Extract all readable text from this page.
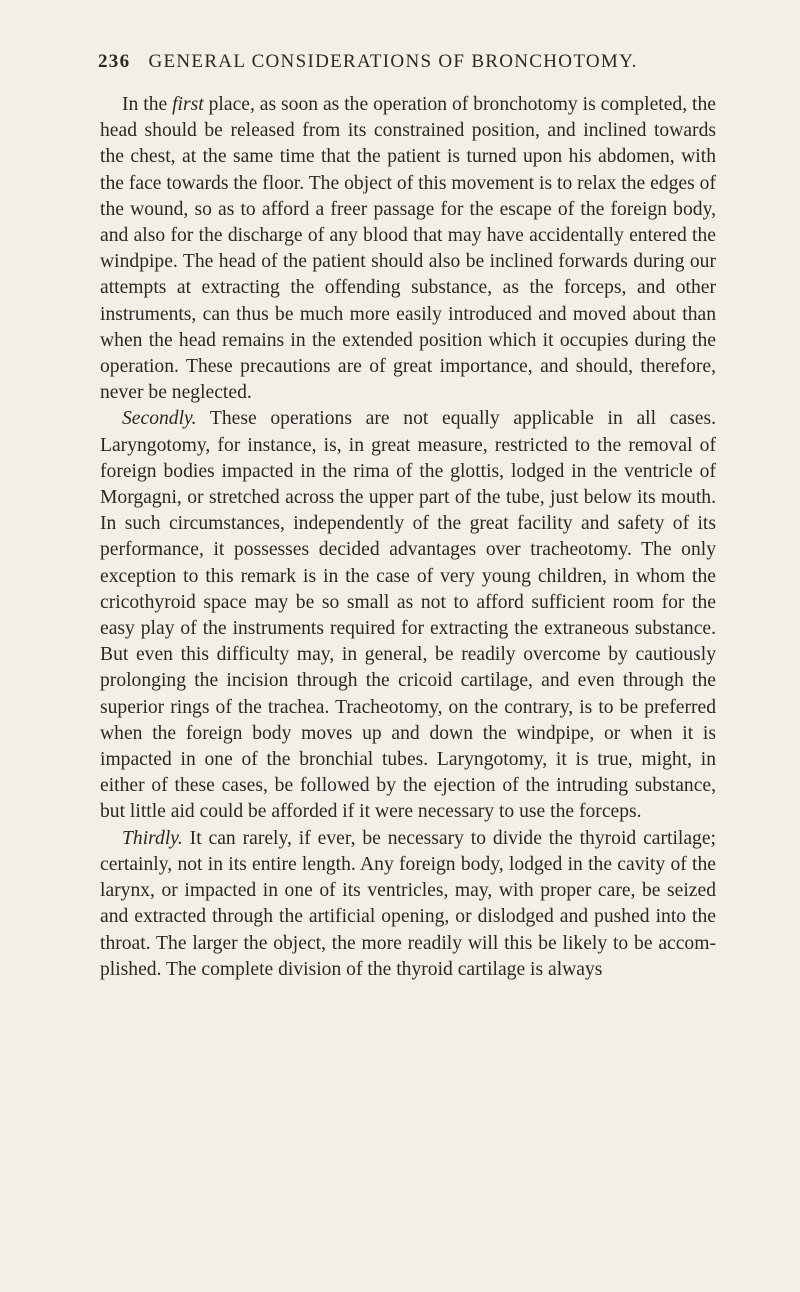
236 GENERAL CONSIDERATIONS OF BRONCHOTOMY.

In the first place, as soon as the operation of bronchotomy is completed, the head should be released from its constrained position, and inclined towards the chest, at the same time that the patient is turned upon his abdomen, with the face towards the floor. The object of this movement is to relax the edges of the wound, so as to afford a freer passage for the escape of the foreign body, and also for the discharge of any blood that may have accidentally entered the windpipe. The head of the patient should also be inclined forwards during our attempts at extracting the offending substance, as the forceps, and other instruments, can thus be much more easily introduced and moved about than when the head remains in the extended position which it occupies during the operation. These precautions are of great importance, and should, therefore, never be neglected.

Secondly. These operations are not equally applicable in all cases. Laryngotomy, for instance, is, in great measure, restricted to the removal of foreign bodies impacted in the rima of the glottis, lodged in the ventricle of Morgagni, or stretched across the upper part of the tube, just below its mouth. In such circumstances, independently of the great facility and safety of its performance, it possesses decided advantages over tracheotomy. The only exception to this remark is in the case of very young children, in whom the cricothyroid space may be so small as not to afford sufficient room for the easy play of the instruments required for extracting the extraneous substance. But even this difficulty may, in general, be readily overcome by cautiously prolonging the incision through the cricoid cartilage, and even through the superior rings of the trachea. Tracheotomy, on the contrary, is to be preferred when the foreign body moves up and down the windpipe, or when it is impacted in one of the bronchial tubes. Laryngotomy, it is true, might, in either of these cases, be followed by the ejection of the intruding substance, but little aid could be afforded if it were necessary to use the forceps.

Thirdly. It can rarely, if ever, be necessary to divide the thyroid cartilage; certainly, not in its entire length. Any foreign body, lodged in the cavity of the larynx, or impacted in one of its ventricles, may, with proper care, be seized and extracted through the artificial opening, or dislodged and pushed into the throat. The larger the object, the more readily will this be likely to be accomplished. The complete division of the thyroid cartilage is always
